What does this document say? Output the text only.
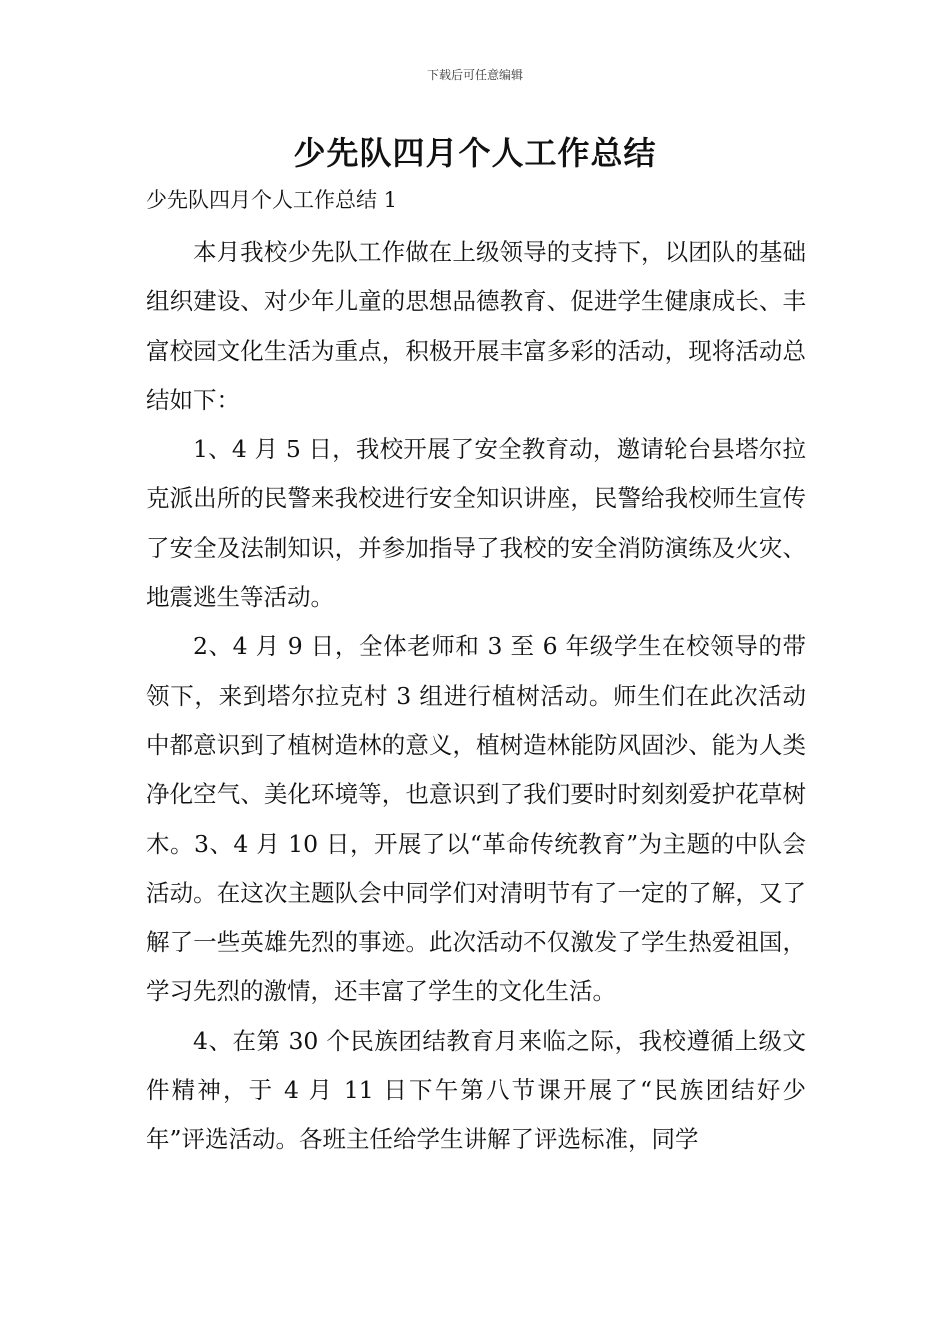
下载后可任意编辑
少先队四月个人工作总结
少先队四月个人工作总结 1

本月我校少先队工作做在上级领导的支持下，以团队的基础组织建设、对少年儿童的思想品德教育、促进学生健康成长、丰富校园文化生活为重点，积极开展丰富多彩的活动，现将活动总结如下：

1、4 月 5 日，我校开展了安全教育动，邀请轮台县塔尔拉克派出所的民警来我校进行安全知识讲座，民警给我校师生宣传了安全及法制知识，并参加指导了我校的安全消防演练及火灾、地震逃生等活动。

2、4 月 9 日，全体老师和 3 至 6 年级学生在校领导的带领下，来到塔尔拉克村 3 组进行植树活动。师生们在此次活动中都意识到了植树造林的意义，植树造林能防风固沙、能为人类净化空气、美化环境等，也意识到了我们要时时刻刻爱护花草树木。3、4 月 10 日，开展了以“革命传统教育”为主题的中队会活动。在这次主题队会中同学们对清明节有了一定的了解，又了解了一些英雄先烈的事迹。此次活动不仅激发了学生热爱祖国，学习先烈的激情，还丰富了学生的文化生活。

4、在第 30 个民族团结教育月来临之际，我校遵循上级文件精神，于 4 月 11 日下午第八节课开展了“民族团结好少年”评选活动。各班主任给学生讲解了评选标准，同学
